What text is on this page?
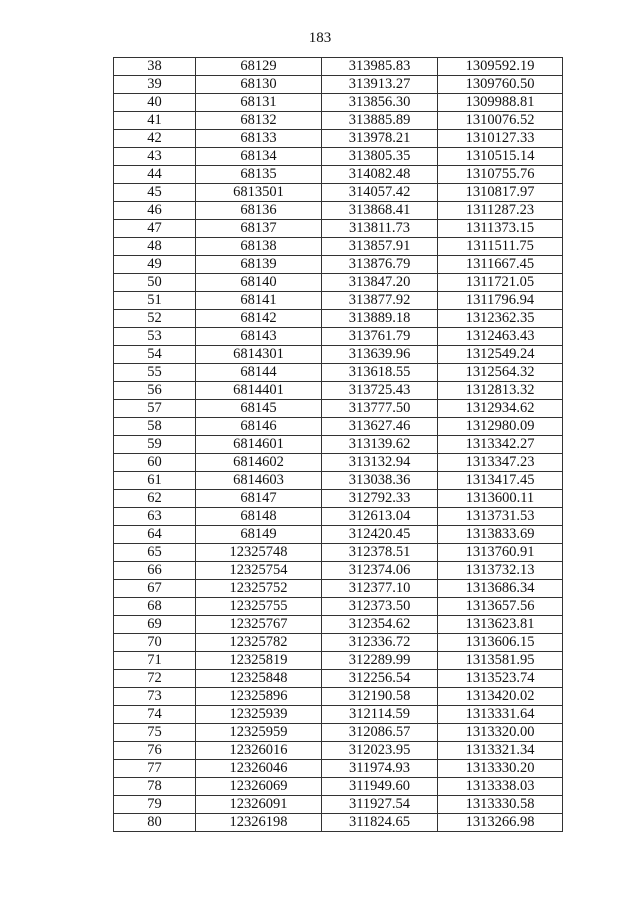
183
38	68129	313985.83	1309592.19
39	68130	313913.27	1309760.50
40	68131	313856.30	1309988.81
41	68132	313885.89	1310076.52
42	68133	313978.21	1310127.33
43	68134	313805.35	1310515.14
44	68135	314082.48	1310755.76
45	6813501	314057.42	1310817.97
46	68136	313868.41	1311287.23
47	68137	313811.73	1311373.15
48	68138	313857.91	1311511.75
49	68139	313876.79	1311667.45
50	68140	313847.20	1311721.05
51	68141	313877.92	1311796.94
52	68142	313889.18	1312362.35
53	68143	313761.79	1312463.43
54	6814301	313639.96	1312549.24
55	68144	313618.55	1312564.32
56	6814401	313725.43	1312813.32
57	68145	313777.50	1312934.62
58	68146	313627.46	1312980.09
59	6814601	313139.62	1313342.27
60	6814602	313132.94	1313347.23
61	6814603	313038.36	1313417.45
62	68147	312792.33	1313600.11
63	68148	312613.04	1313731.53
64	68149	312420.45	1313833.69
65	12325748	312378.51	1313760.91
66	12325754	312374.06	1313732.13
67	12325752	312377.10	1313686.34
68	12325755	312373.50	1313657.56
69	12325767	312354.62	1313623.81
70	12325782	312336.72	1313606.15
71	12325819	312289.99	1313581.95
72	12325848	312256.54	1313523.74
73	12325896	312190.58	1313420.02
74	12325939	312114.59	1313331.64
75	12325959	312086.57	1313320.00
76	12326016	312023.95	1313321.34
77	12326046	311974.93	1313330.20
78	12326069	311949.60	1313338.03
79	12326091	311927.54	1313330.58
80	12326198	311824.65	1313266.98
